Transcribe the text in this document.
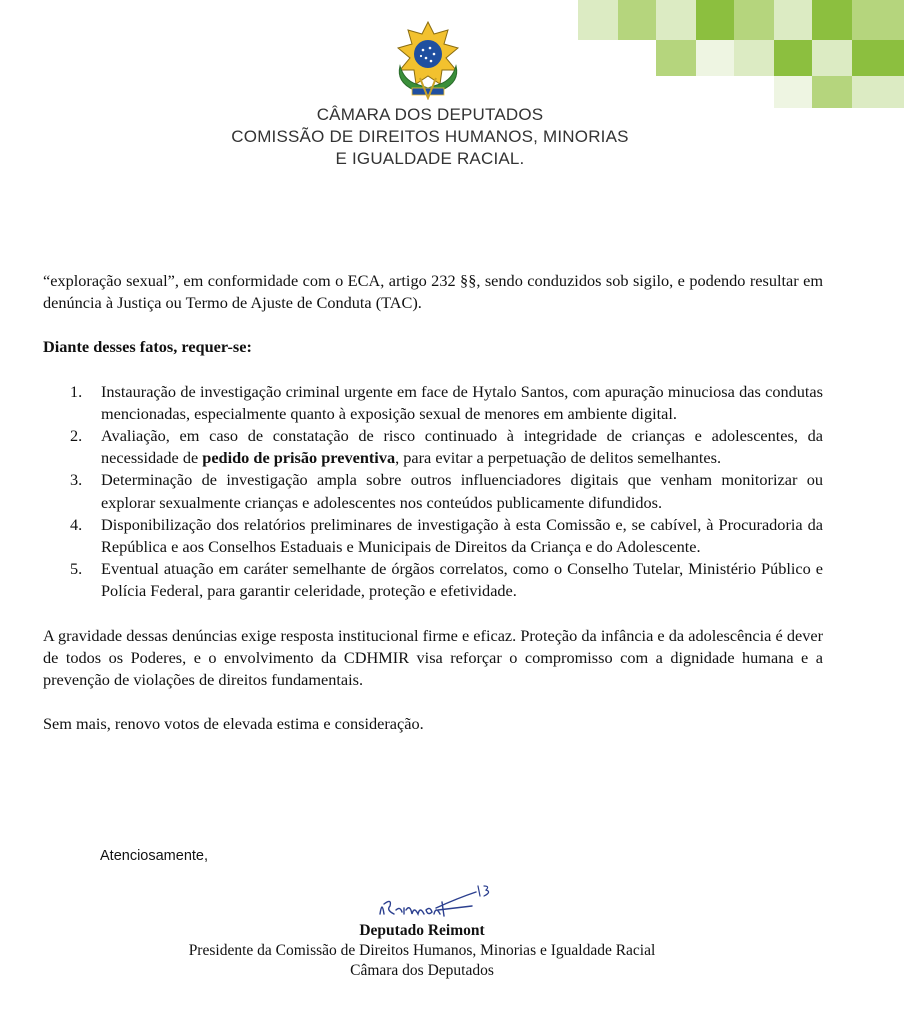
CÂMARA DOS DEPUTADOS
COMISSÃO DE DIREITOS HUMANOS, MINORIAS
E IGUALDADE RACIAL.

“exploração sexual”, em conformidade com o ECA, artigo 232 §§, sendo conduzidos sob sigilo, e podendo resultar em denúncia à Justiça ou Termo de Ajuste de Conduta (TAC).

Diante desses fatos, requer-se:

1. Instauração de investigação criminal urgente em face de Hytalo Santos, com apuração minuciosa das condutas mencionadas, especialmente quanto à exposição sexual de menores em ambiente digital.
2. Avaliação, em caso de constatação de risco continuado à integridade de crianças e adolescentes, da necessidade de pedido de prisão preventiva, para evitar a perpetuação de delitos semelhantes.
3. Determinação de investigação ampla sobre outros influenciadores digitais que venham monitorizar ou explorar sexualmente crianças e adolescentes nos conteúdos publicamente difundidos.
4. Disponibilização dos relatórios preliminares de investigação à esta Comissão e, se cabível, à Procuradoria da República e aos Conselhos Estaduais e Municipais de Direitos da Criança e do Adolescente.
5. Eventual atuação em caráter semelhante de órgãos correlatos, como o Conselho Tutelar, Ministério Público e Polícia Federal, para garantir celeridade, proteção e efetividade.

A gravidade dessas denúncias exige resposta institucional firme e eficaz. Proteção da infância e da adolescência é dever de todos os Poderes, e o envolvimento da CDHMIR visa reforçar o compromisso com a dignidade humana e a prevenção de violações de direitos fundamentais.

Sem mais, renovo votos de elevada estima e consideração.

Atenciosamente,
Deputado Reimont
Presidente da Comissão de Direitos Humanos, Minorias e Igualdade Racial
Câmara dos Deputados
